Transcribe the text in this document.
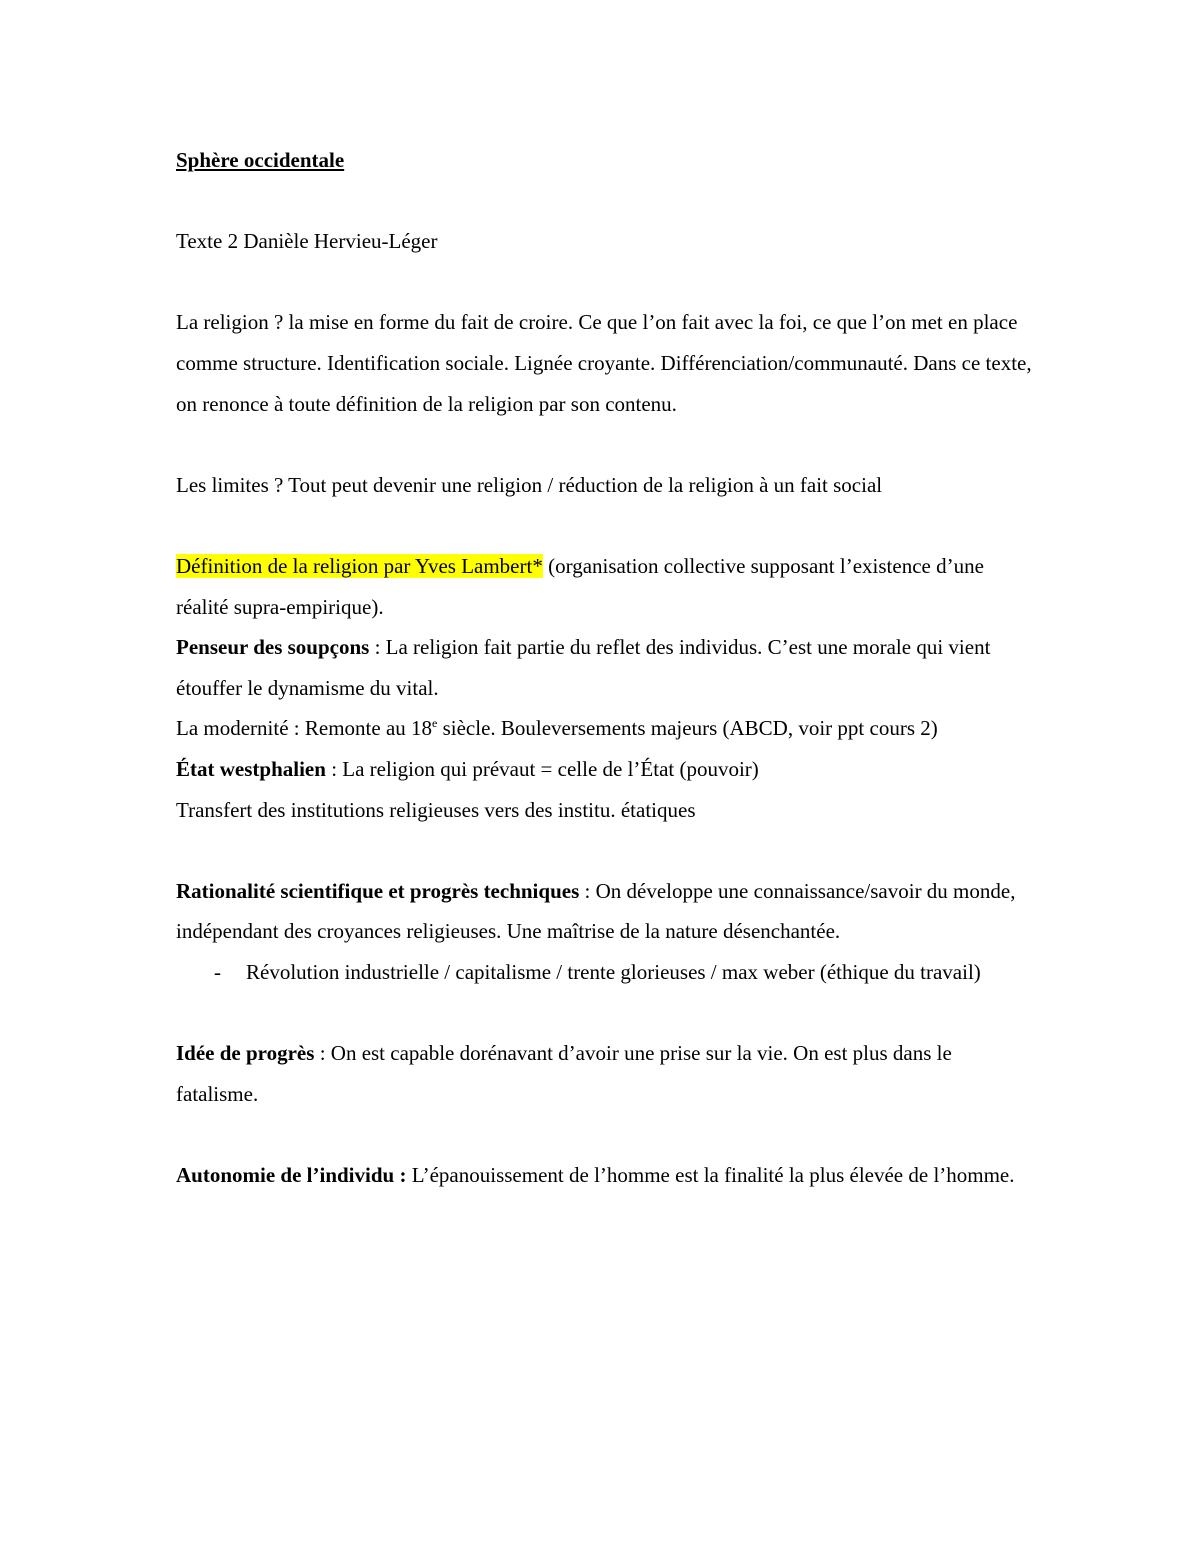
Sphère occidentale

Texte 2 Danièle Hervieu-Léger

La religion ? la mise en forme du fait de croire. Ce que l’on fait avec la foi, ce que l’on met en place comme structure. Identification sociale. Lignée croyante. Différenciation/communauté. Dans ce texte, on renonce à toute définition de la religion par son contenu.

Les limites ? Tout peut devenir une religion / réduction de la religion à un fait social

Définition de la religion par Yves Lambert* (organisation collective supposant l’existence d’une réalité supra-empirique).

Penseur des soupçons : La religion fait partie du reflet des individus. C’est une morale qui vient étouffer le dynamisme du vital.

La modernité : Remonte au 18e siècle. Bouleversements majeurs (ABCD, voir ppt cours 2)

État westphalien : La religion qui prévaut = celle de l’État (pouvoir)

Transfert des institutions religieuses vers des institu. étatiques

Rationalité scientifique et progrès techniques : On développe une connaissance/savoir du monde, indépendant des croyances religieuses. Une maîtrise de la nature désenchantée.

- Révolution industrielle / capitalisme / trente glorieuses / max weber (éthique du travail)

Idée de progrès : On est capable dorénavant d’avoir une prise sur la vie. On est plus dans le fatalisme.

Autonomie de l’individu : L’épanouissement de l’homme est la finalité la plus élevée de l’homme.
